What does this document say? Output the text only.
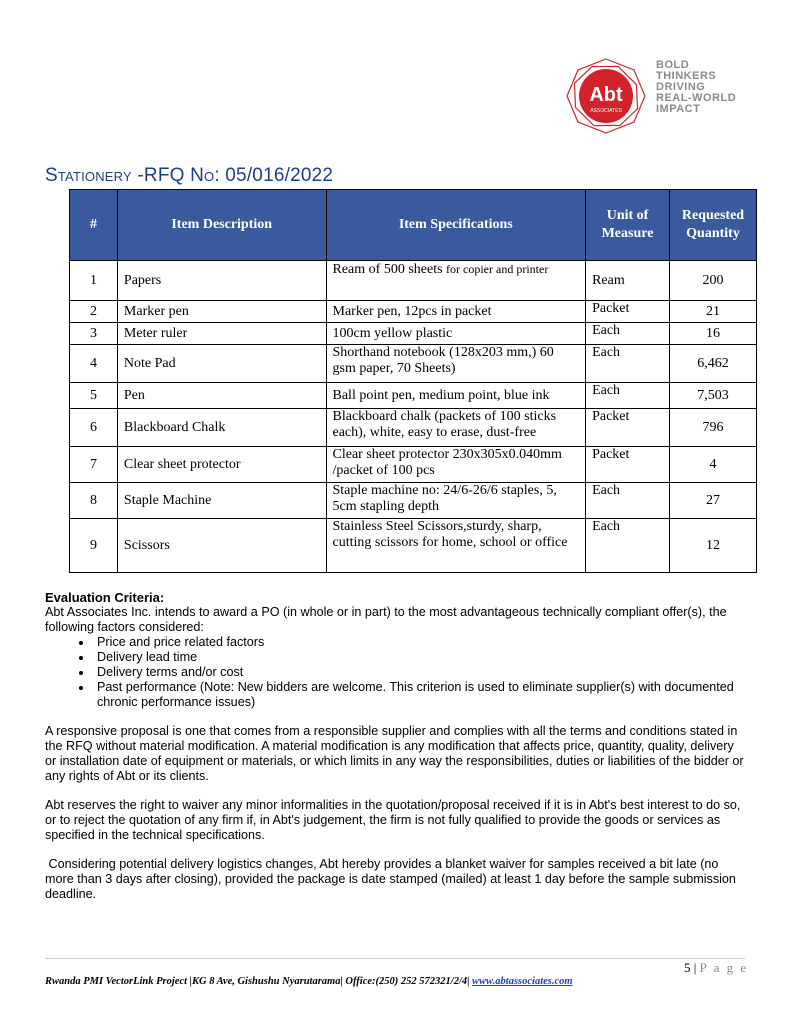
Abt
ASSOCIATES
BOLD
THINKERS
DRIVING
REAL-WORLD
IMPACT
Stationery -RFQ No: 05/016/2022
#	Item Description	Item Specifications	Unit of Measure	Requested Quantity
1	Papers	Ream of 500 sheets for copier and printer	Ream	200
2	Marker pen	Marker pen, 12pcs in packet	Packet	21
3	Meter ruler	100cm yellow plastic	Each	16
4	Note Pad	Shorthand notebook (128x203 mm,) 60 gsm paper, 70 Sheets)	Each	6,462
5	Pen	Ball point pen, medium point, blue ink	Each	7,503
6	Blackboard Chalk	Blackboard chalk (packets of 100 sticks each), white, easy to erase, dust-free	Packet	796
7	Clear sheet protector	Clear sheet protector 230x305x0.040mm /packet of 100 pcs	Packet	4
8	Staple Machine	Staple machine no: 24/6-26/6 staples, 5, 5cm stapling depth	Each	27
9	Scissors	Stainless Steel Scissors,sturdy, sharp, cutting scissors for home, school or office	Each	12
Evaluation Criteria:

Abt Associates Inc. intends to award a PO (in whole or in part) to the most advantageous technically compliant offer(s), the following factors considered:

• Price and price related factors
• Delivery lead time
• Delivery terms and/or cost
• Past performance (Note: New bidders are welcome. This criterion is used to eliminate supplier(s) with documented chronic performance issues)

A responsive proposal is one that comes from a responsible supplier and complies with all the terms and conditions stated in the RFQ without material modification. A material modification is any modification that affects price, quantity, quality, delivery or installation date of equipment or materials, or which limits in any way the responsibilities, duties or liabilities of the bidder or any rights of Abt or its clients.

Abt reserves the right to waiver any minor informalities in the quotation/proposal received if it is in Abt's best interest to do so, or to reject the quotation of any firm if, in Abt's judgement, the firm is not fully qualified to provide the goods or services as specified in the technical specifications.

Considering potential delivery logistics changes, Abt hereby provides a blanket waiver for samples received a bit late (no more than 3 days after closing), provided the package is date stamped (mailed) at least 1 day before the sample submission deadline.

5 | P a g e
Rwanda PMI VectorLink Project |KG 8 Ave, Gishushu Nyarutarama| Office:(250) 252 572321/2/4| www.abtassociates.com
